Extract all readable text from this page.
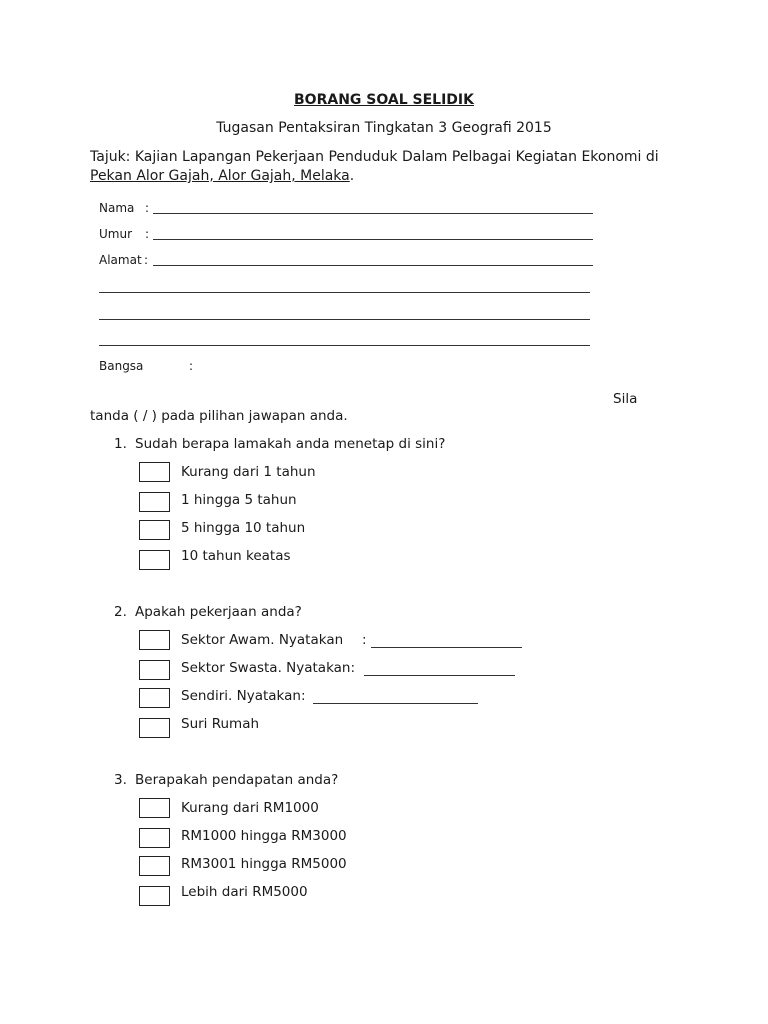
BORANG SOAL SELIDIK
Tugasan Pentaksiran Tingkatan 3 Geografi 2015
Tajuk: Kajian Lapangan Pekerjaan Penduduk Dalam Pelbagai Kegiatan Ekonomi di
Pekan Alor Gajah, Alor Gajah, Melaka.
Nama :
Umur :
Alamat :
Bangsa	:
Sila
tanda ( / ) pada pilihan jawapan anda.
1. Sudah berapa lamakah anda menetap di sini?
Kurang dari 1 tahun
1 hingga 5 tahun
5 hingga 10 tahun
10 tahun keatas
2. Apakah pekerjaan anda?
Sektor Awam. Nyatakan :
Sektor Swasta. Nyatakan:
Sendiri. Nyatakan:
Suri Rumah
3. Berapakah pendapatan anda?
Kurang dari RM1000
RM1000 hingga RM3000
RM3001 hingga RM5000
Lebih dari RM5000
